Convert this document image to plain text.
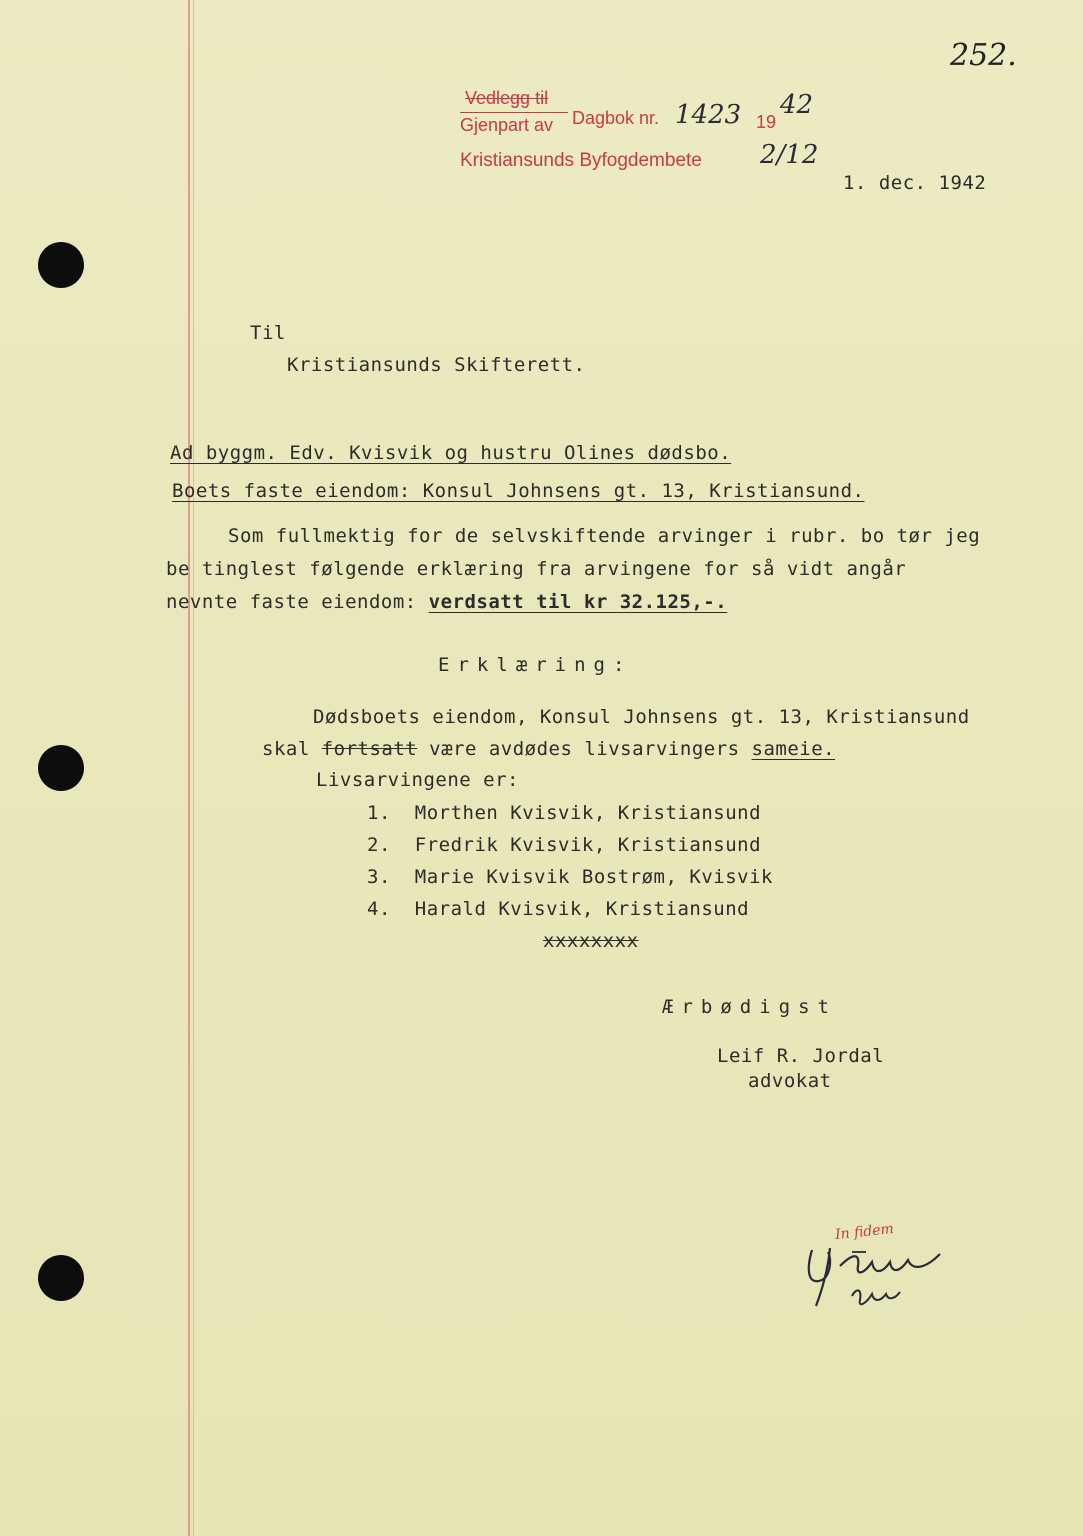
252.
Vedlegg til
Gjenpart av Dagbok nr. 1423 19
42
Kristiansunds Byfogdembete 2/12
1. dec. 1942
Til
Kristiansunds Skifterett.
Ad byggm. Edv. Kvisvik og hustru Olines dødsbo.
Boets faste eiendom: Konsul Johnsens gt. 13, Kristiansund.
Som fullmektig for de selvskiftende arvinger i rubr. bo tør jeg
be tinglest følgende erklæring fra arvingene for så vidt angår
nevnte faste eiendom: verdsatt til kr 32.125,-.
Erklæring:
Dødsboets eiendom, Konsul Johnsens gt. 13, Kristiansund
skal fortsatt være avdødes livsarvingers sameie.
Livsarvingene er:
1. Morthen Kvisvik, Kristiansund
2. Fredrik Kvisvik, Kristiansund
3. Marie Kvisvik Bostrøm, Kvisvik
4. Harald Kvisvik, Kristiansund
xxxxxxxx
Ærbødigst
Leif R. Jordal
advokat
In fidem
